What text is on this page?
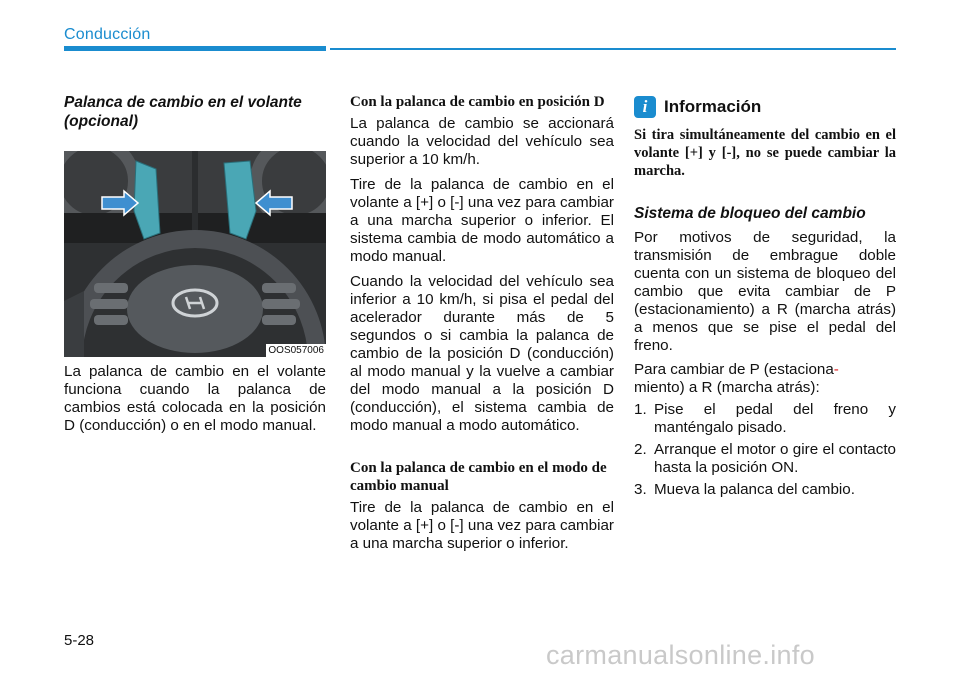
Conducción
Palanca de cambio en el volante (opcional)
OOS057006

La palanca de cambio en el volante funciona cuando la palanca de cambios está colocada en la posición D (conducción) o en el modo manual.

Con la palanca de cambio en posición D

La palanca de cambio se accionará cuando la velocidad del vehículo sea superior a 10 km/h.

Tire de la palanca de cambio en el volante a [+] o [-] una vez para cambiar a una marcha superior o inferior. El sistema cambia de modo automático a modo manual.

Cuando la velocidad del vehículo sea inferior a 10 km/h, si pisa el pedal del acelerador durante más de 5 segundos o si cambia la palanca de cambio de la posición D (conducción) al modo manual y la vuelve a cambiar del modo manual a la posición D (conducción), el sistema cambia de modo manual a modo automático.

Con la palanca de cambio en el modo de cambio manual

Tire de la palanca de cambio en el volante a [+] o [-] una vez para cambiar a una marcha superior o inferior.

i Información
Si tira simultáneamente del cambio en el volante [+] y [-], no se puede cambiar la marcha.
Sistema de bloqueo del cambio

Por motivos de seguridad, la transmisión de embrague doble cuenta con un sistema de bloqueo del cambio que evita cambiar de P (estacionamiento) a R (marcha atrás) a menos que se pise el pedal del freno.

Para cambiar de P (estaciona-
miento) a R (marcha atrás):

1. Pise el pedal del freno y manténgalo pisado.
2. Arranque el motor o gire el contacto hasta la posición ON.
3. Mueva la palanca del cambio.
5-28	carmanualsonline.info
